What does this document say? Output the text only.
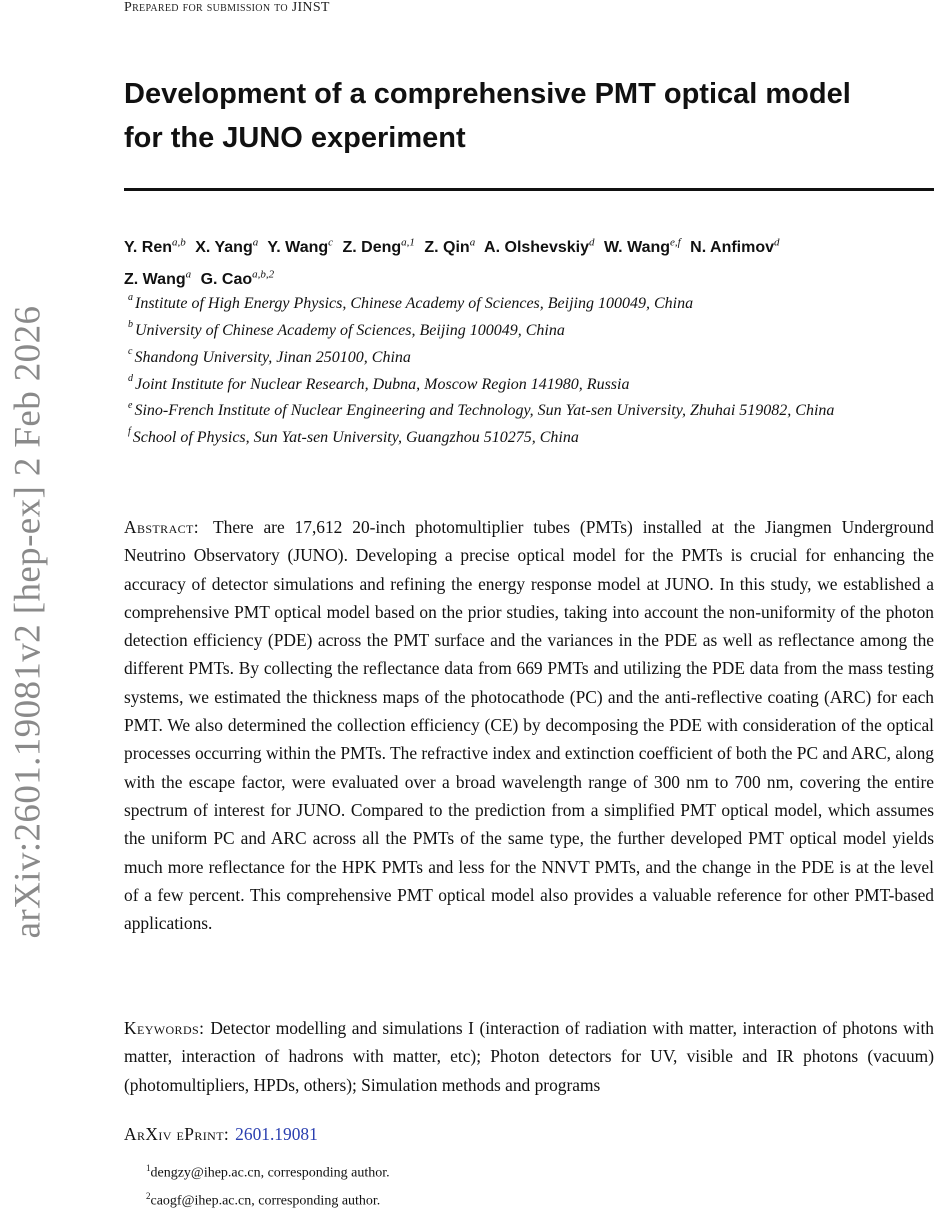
Prepared for submission to JINST
Development of a comprehensive PMT optical model
for the JUNO experiment
Y. Ren$^{a,b}$ X. Yang$^a$ Y. Wang$^c$ Z. Deng$^{a,1}$ Z. Qin$^a$ A. Olshevskiy$^d$ W. Wang$^{e,f}$ N. Anfimov$^d$
Z. Wang$^a$ G. Cao$^{a,b,2}$
a Institute of High Energy Physics, Chinese Academy of Sciences, Beijing 100049, China
b University of Chinese Academy of Sciences, Beijing 100049, China
c Shandong University, Jinan 250100, China
d Joint Institute for Nuclear Research, Dubna, Moscow Region 141980, Russia
e Sino-French Institute of Nuclear Engineering and Technology, Sun Yat-sen University, Zhuhai 519082, China
f School of Physics, Sun Yat-sen University, Guangzhou 510275, China
Abstract: There are 17,612 20-inch photomultiplier tubes (PMTs) installed at the Jiangmen Underground Neutrino Observatory (JUNO). Developing a precise optical model for the PMTs is crucial for enhancing the accuracy of detector simulations and refining the energy response model at JUNO. In this study, we established a comprehensive PMT optical model based on the prior studies, taking into account the non-uniformity of the photon detection efficiency (PDE) across the PMT surface and the variances in the PDE as well as reflectance among the different PMTs. By collecting the reflectance data from 669 PMTs and utilizing the PDE data from the mass testing systems, we estimated the thickness maps of the photocathode (PC) and the anti-reflective coating (ARC) for each PMT. We also determined the collection efficiency (CE) by decomposing the PDE with consideration of the optical processes occurring within the PMTs. The refractive index and extinction coefficient of both the PC and ARC, along with the escape factor, were evaluated over a broad wavelength range of 300 nm to 700 nm, covering the entire spectrum of interest for JUNO. Compared to the prediction from a simplified PMT optical model, which assumes the uniform PC and ARC across all the PMTs of the same type, the further developed PMT optical model yields much more reflectance for the HPK PMTs and less for the NNVT PMTs, and the change in the PDE is at the level of a few percent. This comprehensive PMT optical model also provides a valuable reference for other PMT-based applications.
Keywords: Detector modelling and simulations I (interaction of radiation with matter, interaction of photons with matter, interaction of hadrons with matter, etc); Photon detectors for UV, visible and IR photons (vacuum) (photomultipliers, HPDs, others); Simulation methods and programs
ArXiv ePrint: 2601.19081
$^1$dengzy@ihep.ac.cn, corresponding author.
$^2$caogf@ihep.ac.cn, corresponding author.
arXiv:2601.19081v2 [hep-ex] 2 Feb 2026
